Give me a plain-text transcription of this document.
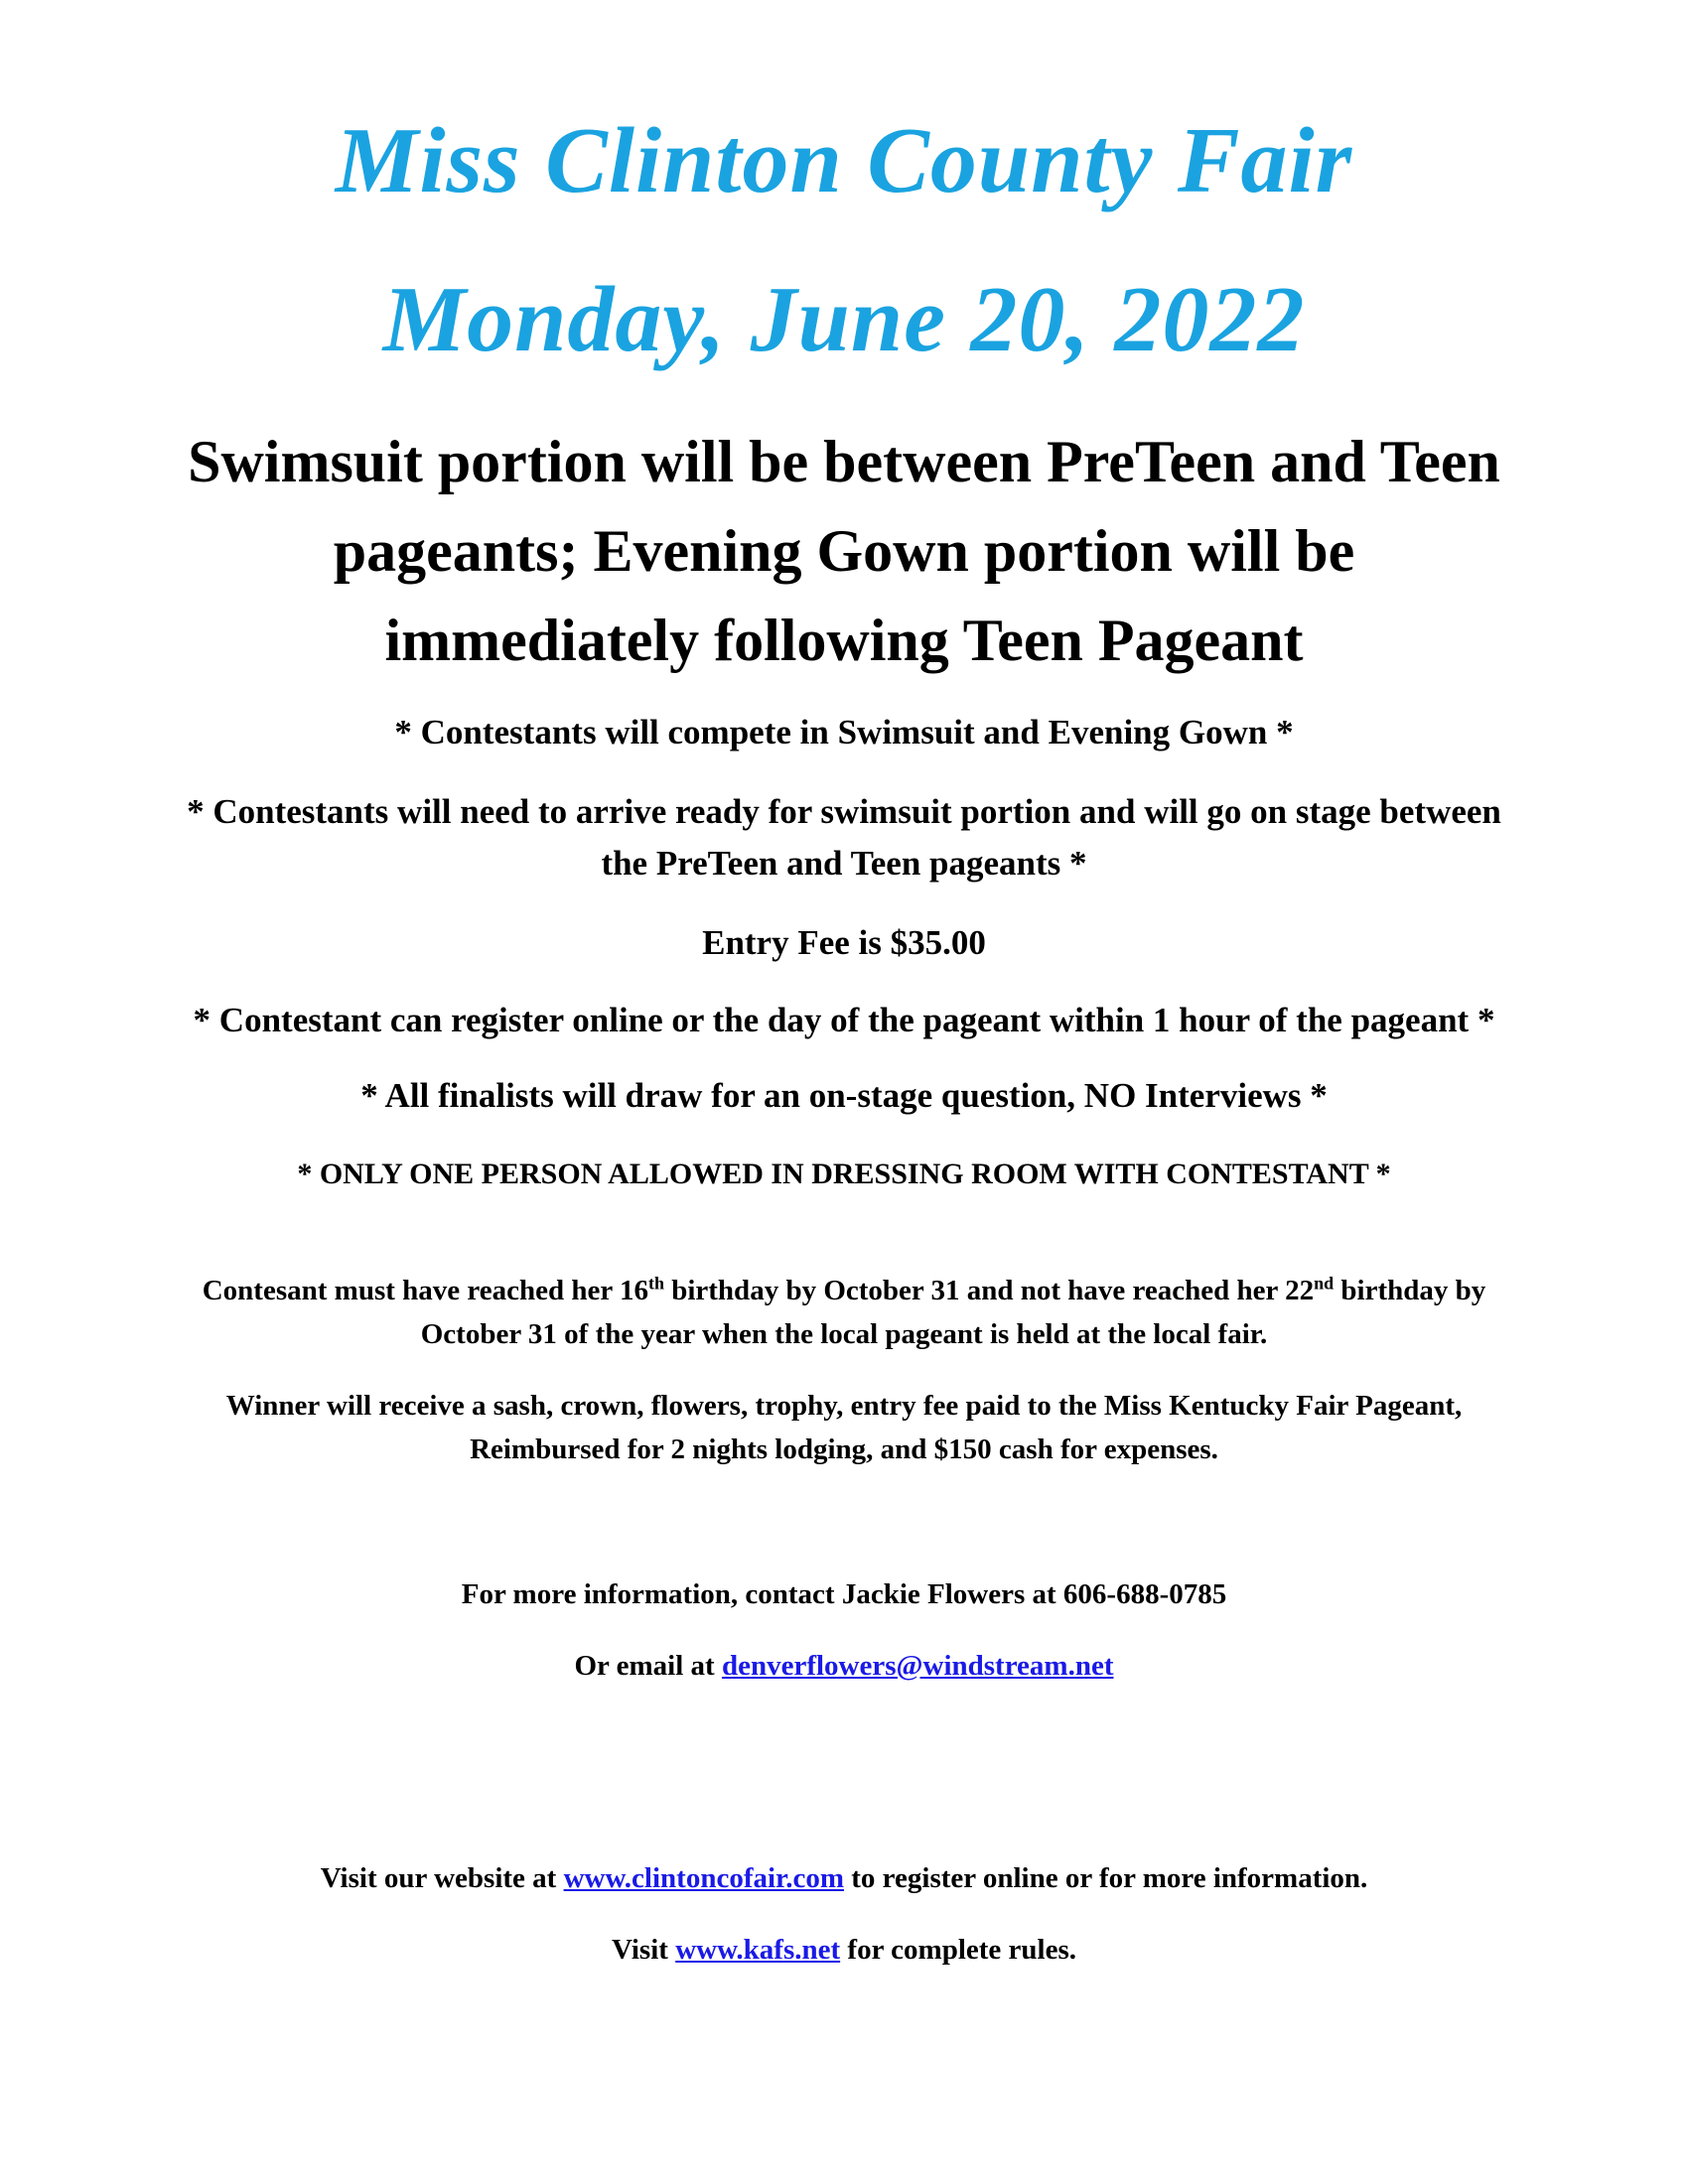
Miss Clinton County Fair
Monday, June 20, 2022
Swimsuit portion will be between PreTeen and Teen
pageants; Evening Gown portion will be
immediately following Teen Pageant
* Contestants will compete in Swimsuit and Evening Gown *
* Contestants will need to arrive ready for swimsuit portion and will go on stage between
the PreTeen and Teen pageants *
Entry Fee is $35.00
* Contestant can register online or the day of the pageant within 1 hour of the pageant *
* All finalists will draw for an on-stage question, NO Interviews *
* ONLY ONE PERSON ALLOWED IN DRESSING ROOM WITH CONTESTANT *
Contesant must have reached her 16th birthday by October 31 and not have reached her 22nd birthday by
October 31 of the year when the local pageant is held at the local fair.
Winner will receive a sash, crown, flowers, trophy, entry fee paid to the Miss Kentucky Fair Pageant,
Reimbursed for 2 nights lodging, and $150 cash for expenses.
For more information, contact Jackie Flowers at 606-688-0785
Or email at denverflowers@windstream.net
Visit our website at www.clintoncofair.com to register online or for more information.
Visit www.kafs.net for complete rules.
